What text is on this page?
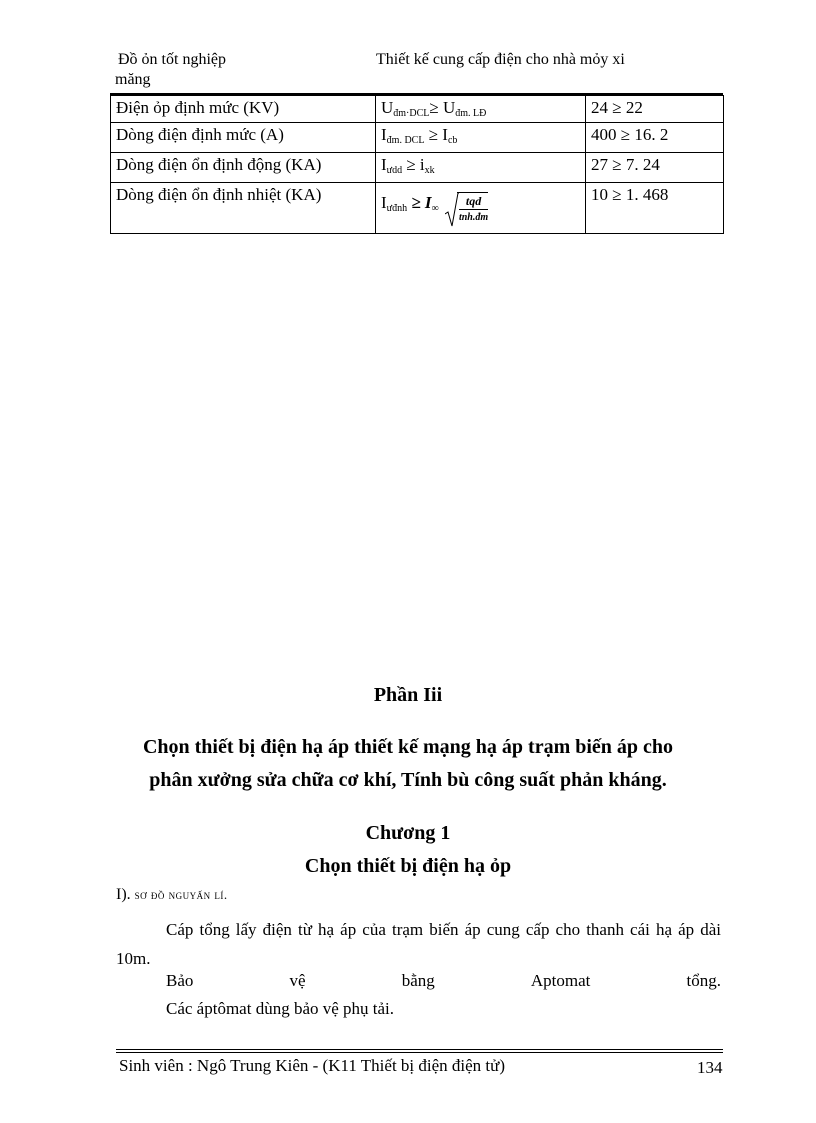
Đồ ỏn tốt nghiệp
măng
Thiết kế cung cấp điện cho nhà mỏy xi
Điện ỏp định mức (KV)	$U_{đm\cdot DCL}\ge U_{đm. LĐ}$	24 ≥ 22
Dòng điện định mức (A)	$I_{đm. DCL} \ge I_{cb}$	400 ≥ 16. 2
Dòng điện ổn định động (KA)	$I_{ưdd} \ge i_{xk}$	27 ≥ 7. 24
Dòng điện ổn định nhiệt (KA)	$I_{ưđnh} \ge I_\infty \frac{\text{tqd}}{\text{tnh.đm}}$	10 ≥ 1. 468
Phần Iii
Chọn thiết bị điện hạ áp thiết kế mạng hạ áp trạm biến áp cho
phân xưởng sửa chữa cơ khí, Tính bù công suất phản kháng.
Chương 1
Chọn thiết bị điện hạ ỏp
I). sơ đồ nguyấn lí.
Cáp tổng lấy điện từ hạ áp của trạm biến áp cung cấp cho thanh cái hạ áp dài 10m.
Bảo	vệ	bằng	Aptomat	tổng.
Các áptômat dùng bảo vệ phụ tải.
Sinh viên : Ngô Trung Kiên - (K11 Thiết bị điện điện tử)	134
